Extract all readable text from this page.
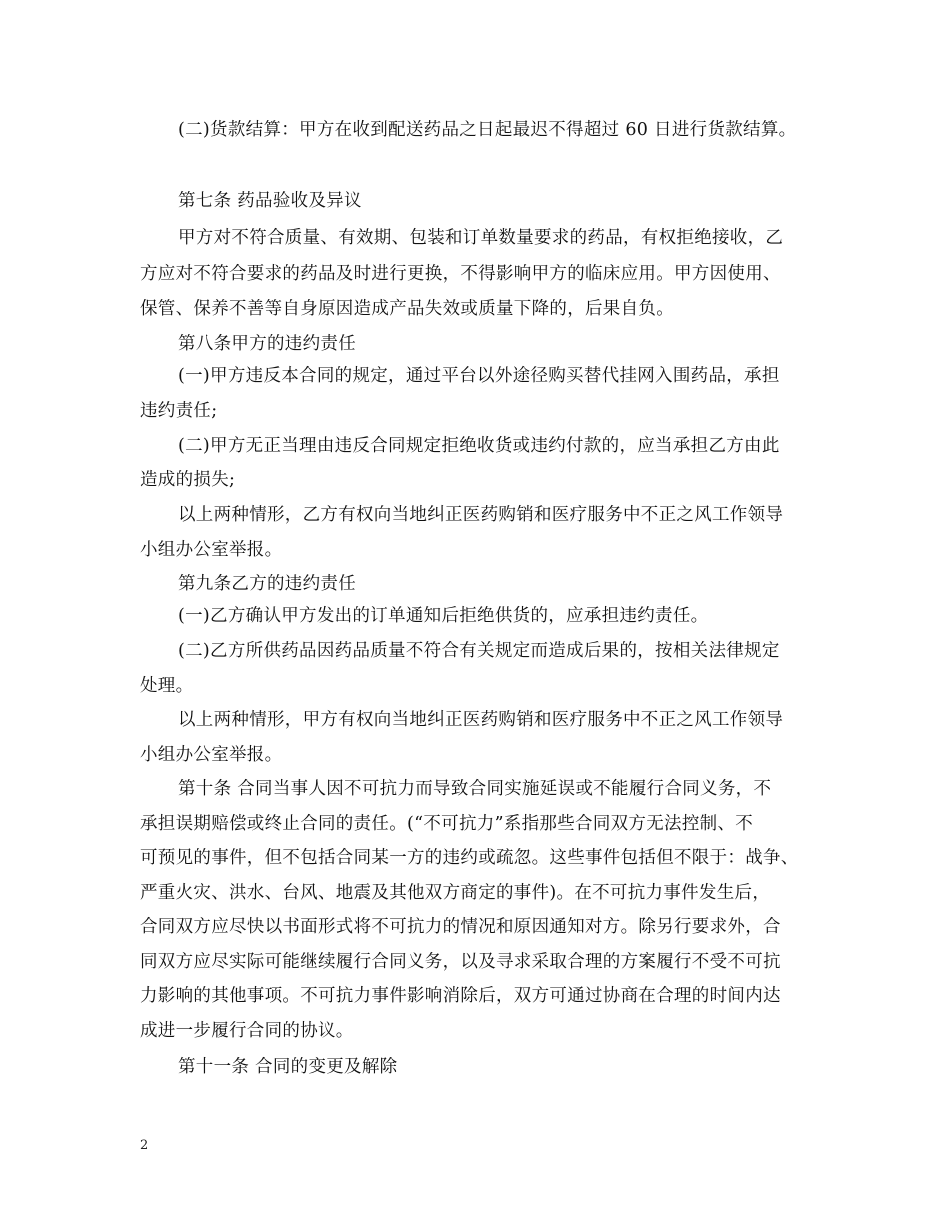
(二)货款结算：甲方在收到配送药品之日起最迟不得超过 60 日进行货款结算。
第七条 药品验收及异议
甲方对不符合质量、有效期、包装和订单数量要求的药品，有权拒绝接收，乙
方应对不符合要求的药品及时进行更换，不得影响甲方的临床应用。甲方因使用、
保管、保养不善等自身原因造成产品失效或质量下降的，后果自负。
第八条甲方的违约责任
(一)甲方违反本合同的规定，通过平台以外途径购买替代挂网入围药品，承担
违约责任;
(二)甲方无正当理由违反合同规定拒绝收货或违约付款的，应当承担乙方由此
造成的损失;
以上两种情形，乙方有权向当地纠正医药购销和医疗服务中不正之风工作领导
小组办公室举报。
第九条乙方的违约责任
(一)乙方确认甲方发出的订单通知后拒绝供货的，应承担违约责任。
(二)乙方所供药品因药品质量不符合有关规定而造成后果的，按相关法律规定
处理。
以上两种情形，甲方有权向当地纠正医药购销和医疗服务中不正之风工作领导
小组办公室举报。
第十条 合同当事人因不可抗力而导致合同实施延误或不能履行合同义务，不
承担误期赔偿或终止合同的责任。(“不可抗力”系指那些合同双方无法控制、不
可预见的事件，但不包括合同某一方的违约或疏忽。这些事件包括但不限于：战争、
严重火灾、洪水、台风、地震及其他双方商定的事件)。在不可抗力事件发生后，
合同双方应尽快以书面形式将不可抗力的情况和原因通知对方。除另行要求外，合
同双方应尽实际可能继续履行合同义务，以及寻求采取合理的方案履行不受不可抗
力影响的其他事项。不可抗力事件影响消除后，双方可通过协商在合理的时间内达
成进一步履行合同的协议。
第十一条 合同的变更及解除
2
